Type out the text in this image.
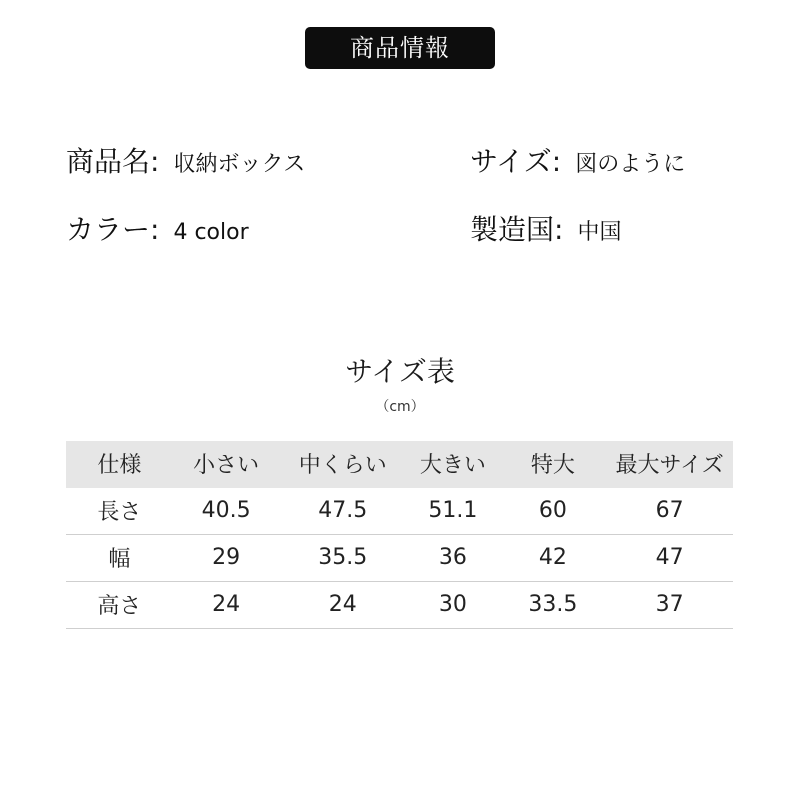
商品情報
商品名 : 収納ボックス	サイズ : 図のように
カラー : 4 color	製造国 : 中国
サイズ表
（cm）
仕様	小さい	中くらい	大きい	特大	最大サイズ
長さ	40.5	47.5	51.1	60	67
幅	29	35.5	36	42	47
高さ	24	24	30	33.5	37
